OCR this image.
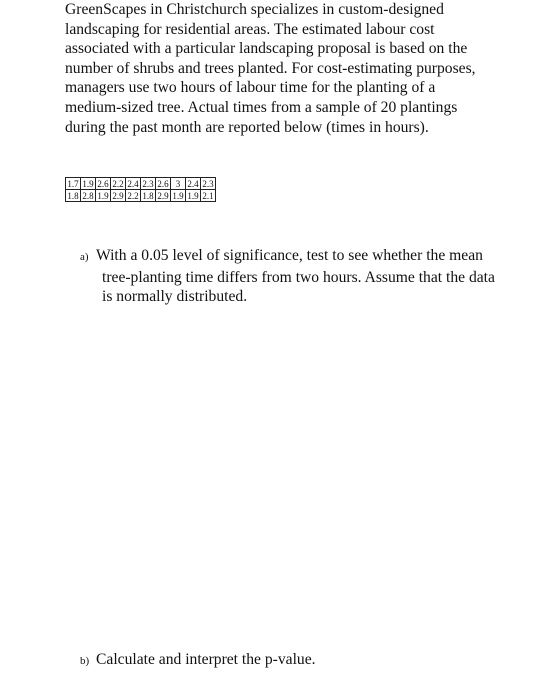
GreenScapes in Christchurch specializes in custom-designed landscaping for residential areas. The estimated labour cost associated with a particular landscaping proposal is based on the number of shrubs and trees planted. For cost-estimating purposes, managers use two hours of labour time for the planting of a medium-sized tree. Actual times from a sample of 20 plantings during the past month are reported below (times in hours).

1.7	1.9	2.6	2.2	2.4	2.3	2.6	3	2.4	2.3
1.8	2.8	1.9	2.9	2.2	1.8	2.9	1.9	1.9	2.1

a) With a 0.05 level of significance, test to see whether the mean tree-planting time differs from two hours. Assume that the data is normally distributed.

b) Calculate and interpret the p-value.
